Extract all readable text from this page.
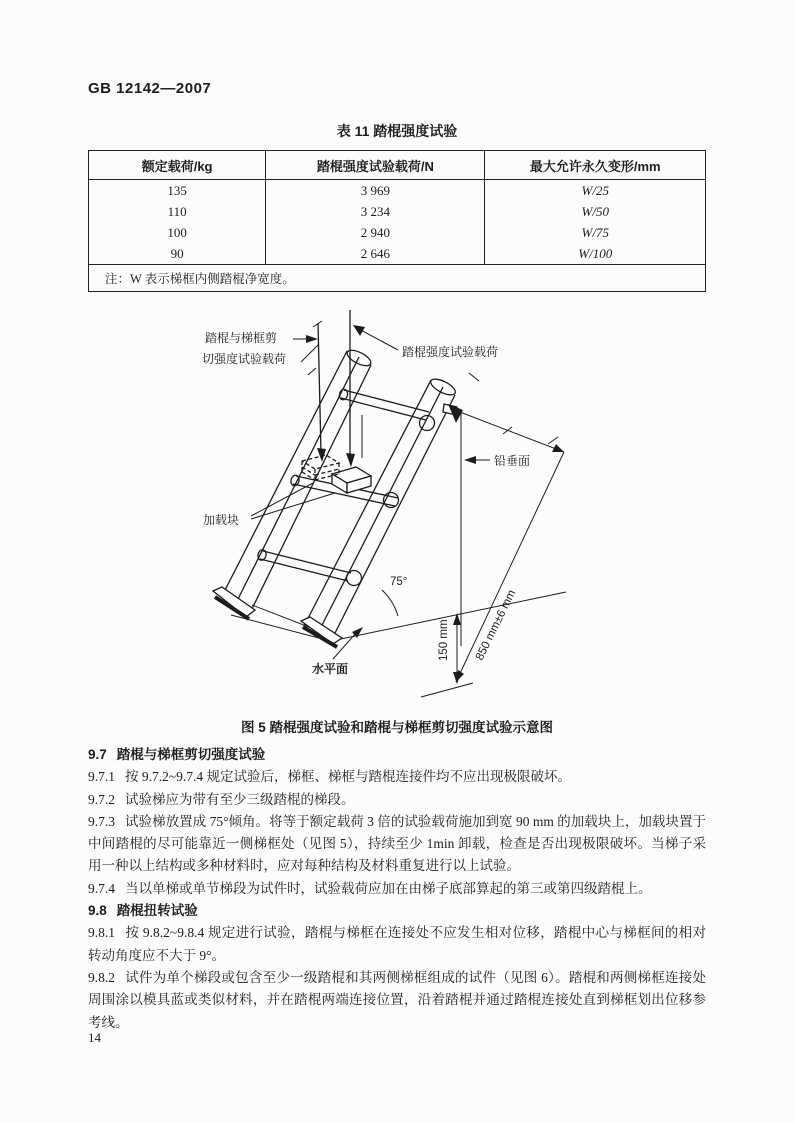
GB 12142—2007
表 11 踏棍强度试验
额定载荷/kg	踏棍强度试验载荷/N	最大允许永久变形/mm
135	3 969	W/25
110	3 234	W/50
100	2 940	W/75
90	2 646	W/100
注：W 表示梯框内侧踏棍净宽度。		
踏棍与梯框剪
切强度试验载荷	踏棍强度试验载荷
加载块
铅垂面
水平面
75°
850 mm±6 mm
150 mm
图 5 踏棍强度试验和踏棍与梯框剪切强度试验示意图

9.7 踏棍与梯框剪切强度试验

9.7.1 按 9.7.2~9.7.4 规定试验后，梯框、梯框与踏棍连接件均不应出现极限破坏。

9.7.2 试验梯应为带有至少三级踏棍的梯段。

9.7.3 试验梯放置成 75°倾角。将等于额定载荷 3 倍的试验载荷施加到宽 90 mm 的加载块上，加载块置于中间踏棍的尽可能靠近一侧梯框处（见图 5），持续至少 1min 卸载，检查是否出现极限破坏。当梯子采用一种以上结构或多种材料时，应对每种结构及材料重复进行以上试验。

9.7.4 当以单梯或单节梯段为试件时，试验载荷应加在由梯子底部算起的第三或第四级踏棍上。

9.8 踏棍扭转试验

9.8.1 按 9.8.2~9.8.4 规定进行试验，踏棍与梯框在连接处不应发生相对位移，踏棍中心与梯框间的相对转动角度应不大于 9°。

9.8.2 试件为单个梯段或包含至少一级踏棍和其两侧梯框组成的试件（见图 6）。踏棍和两侧梯框连接处周围涂以模具蓝或类似材料，并在踏棍两端连接位置，沿着踏棍并通过踏棍连接处直到梯框划出位移参考线。

14
